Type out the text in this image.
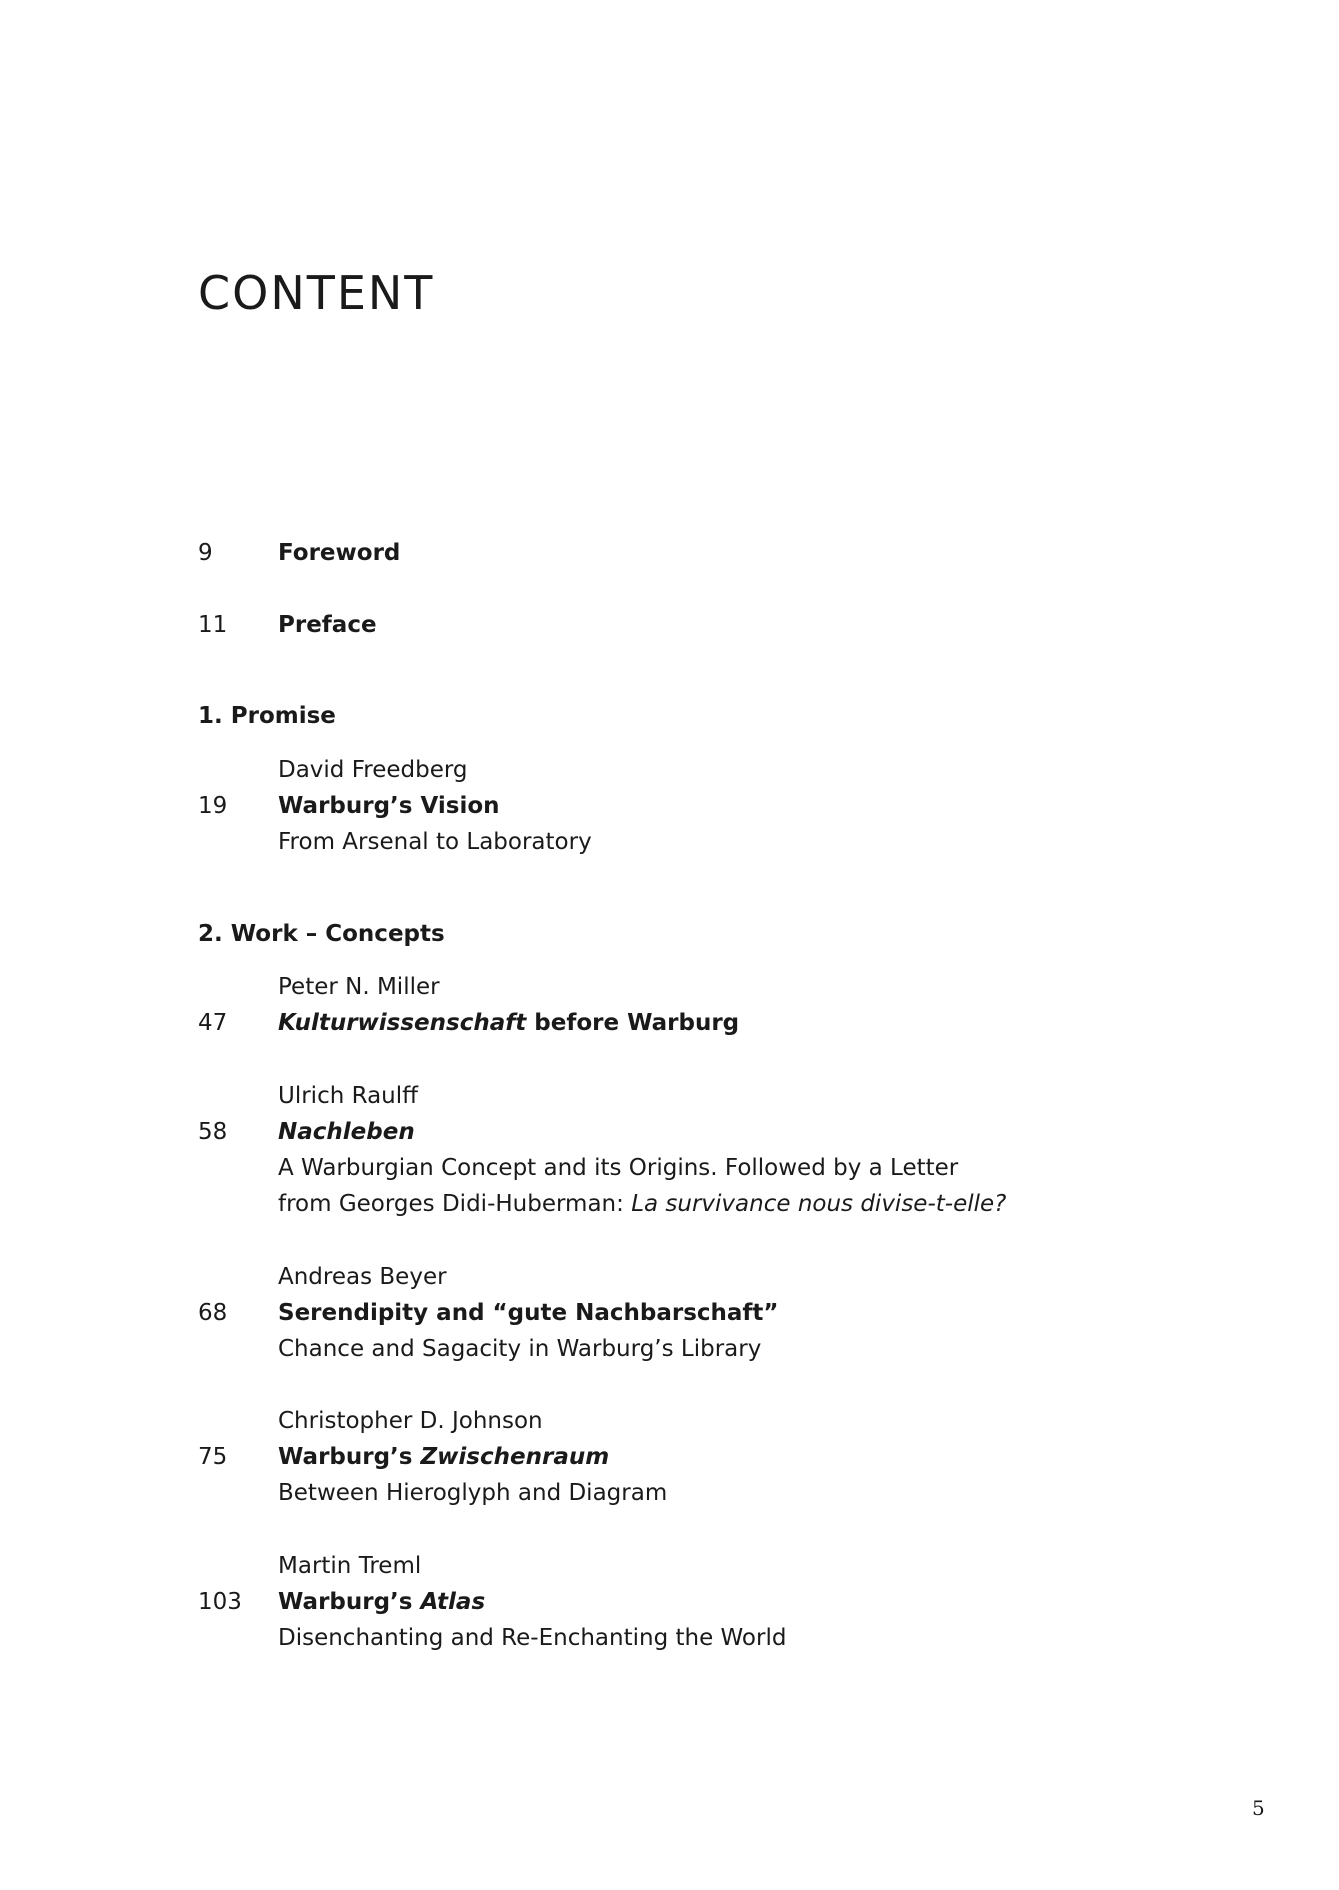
CONTENT
9	Foreword
11 Preface
1. Promise
David Freedberg
19 Warburg’s Vision
From Arsenal to Laboratory
2. Work – Concepts
Peter N. Miller
47 Kulturwissenschaft before Warburg
Ulrich Raulff
58 Nachleben
A Warburgian Concept and its Origins. Followed by a Letter
from Georges Didi-Huberman: La survivance nous divise-t-elle?
Andreas Beyer
68 Serendipity and “gute Nachbarschaft”
Chance and Sagacity in Warburg’s Library
Christopher D. Johnson
75 Warburg’s Zwischenraum
Between Hieroglyph and Diagram
Martin Treml
103 Warburg’s Atlas
Disenchanting and Re-Enchanting the World
5
